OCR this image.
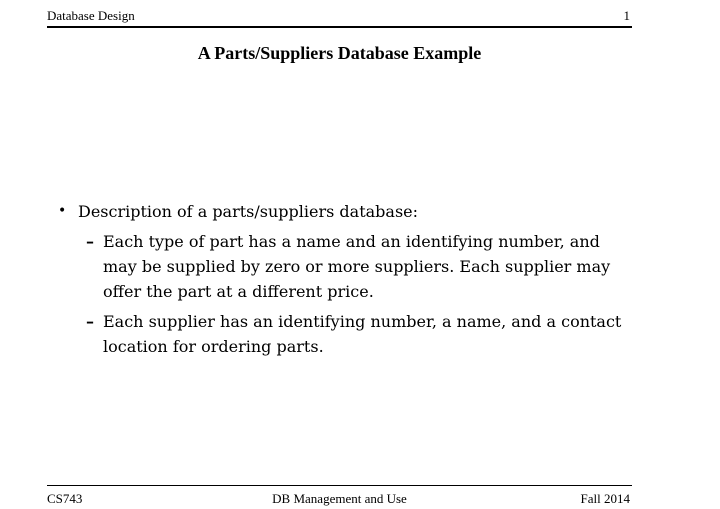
Database Design	1
A Parts/Suppliers Database Example
• Description of a parts/suppliers database:
– Each type of part has a name and an identifying number, and may be supplied by zero or more suppliers. Each supplier may offer the part at a different price.
– Each supplier has an identifying number, a name, and a contact location for ordering parts.
CS743	DB Management and Use	Fall 2014
